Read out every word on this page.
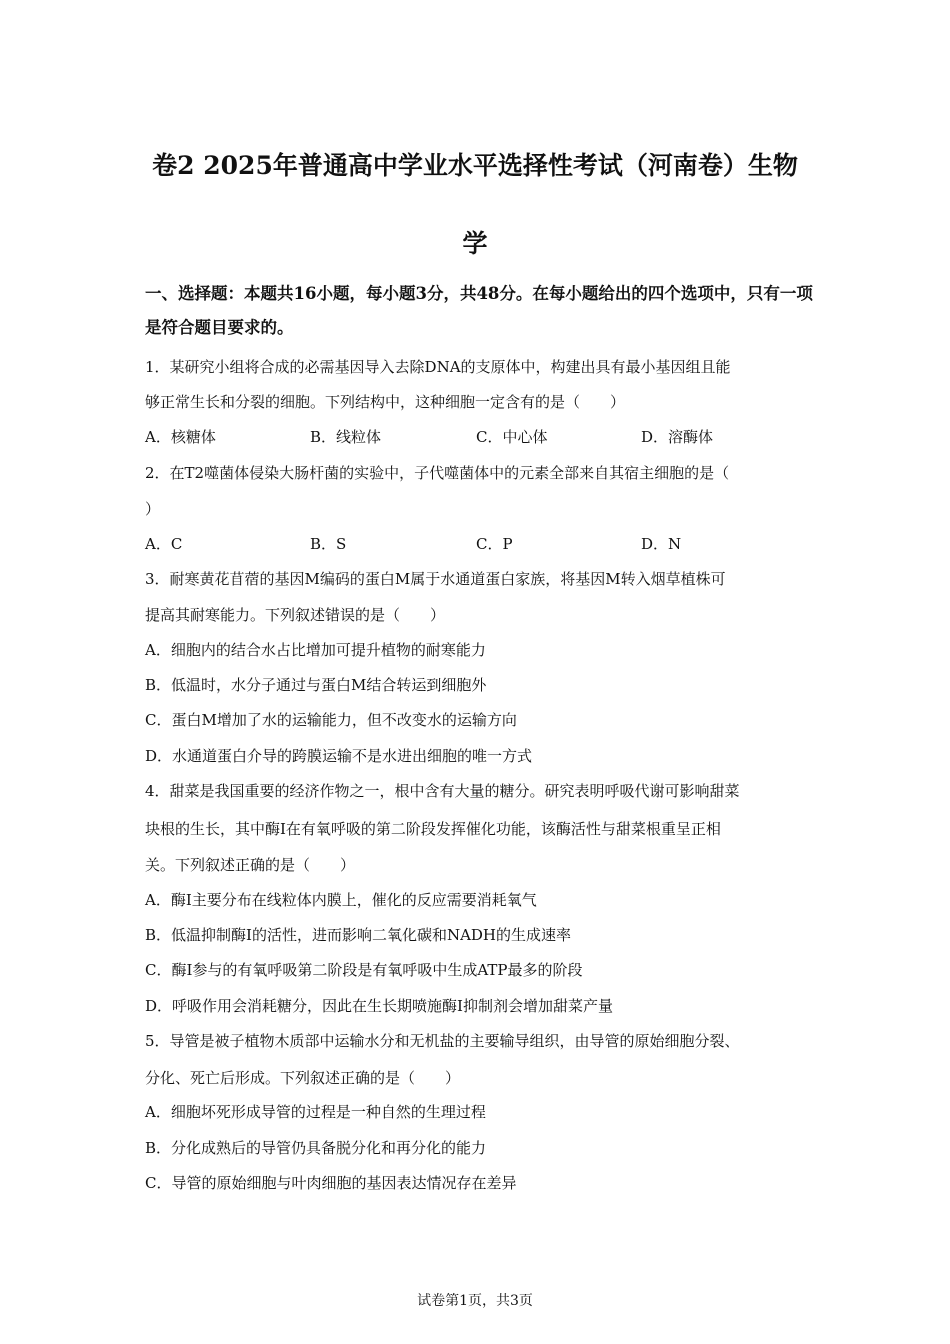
卷2 2025年普通高中学业水平选择性考试（河南卷）生物
学
一、选择题：本题共16小题，每小题3分，共48分。在每小题给出的四个选项中，只有一项是符合题目要求的。
1．某研究小组将合成的必需基因导入去除DNA的支原体中，构建出具有最小基因组且能
够正常生长和分裂的细胞。下列结构中，这种细胞一定含有的是（　　）
A．核糖体	B．线粒体	C．中心体	D．溶酶体
2．在T2噬菌体侵染大肠杆菌的实验中，子代噬菌体中的元素全部来自其宿主细胞的是（
）
A．C	B．S	C．P	D．N
3．耐寒黄花苜蓿的基因M编码的蛋白M属于水通道蛋白家族，将基因M转入烟草植株可
提高其耐寒能力。下列叙述错误的是（　　）
A．细胞内的结合水占比增加可提升植物的耐寒能力
B．低温时，水分子通过与蛋白M结合转运到细胞外
C．蛋白M增加了水的运输能力，但不改变水的运输方向
D．水通道蛋白介导的跨膜运输不是水进出细胞的唯一方式
4．甜菜是我国重要的经济作物之一，根中含有大量的糖分。研究表明呼吸代谢可影响甜菜
块根的生长，其中酶Ⅰ在有氧呼吸的第二阶段发挥催化功能，该酶活性与甜菜根重呈正相
关。下列叙述正确的是（　　）
A．酶Ⅰ主要分布在线粒体内膜上，催化的反应需要消耗氧气
B．低温抑制酶Ⅰ的活性，进而影响二氧化碳和NADH的生成速率
C．酶Ⅰ参与的有氧呼吸第二阶段是有氧呼吸中生成ATP最多的阶段
D．呼吸作用会消耗糖分，因此在生长期喷施酶Ⅰ抑制剂会增加甜菜产量
5．导管是被子植物木质部中运输水分和无机盐的主要输导组织，由导管的原始细胞分裂、
分化、死亡后形成。下列叙述正确的是（　　）
A．细胞坏死形成导管的过程是一种自然的生理过程
B．分化成熟后的导管仍具备脱分化和再分化的能力
C．导管的原始细胞与叶肉细胞的基因表达情况存在差异
试卷第1页，共3页
